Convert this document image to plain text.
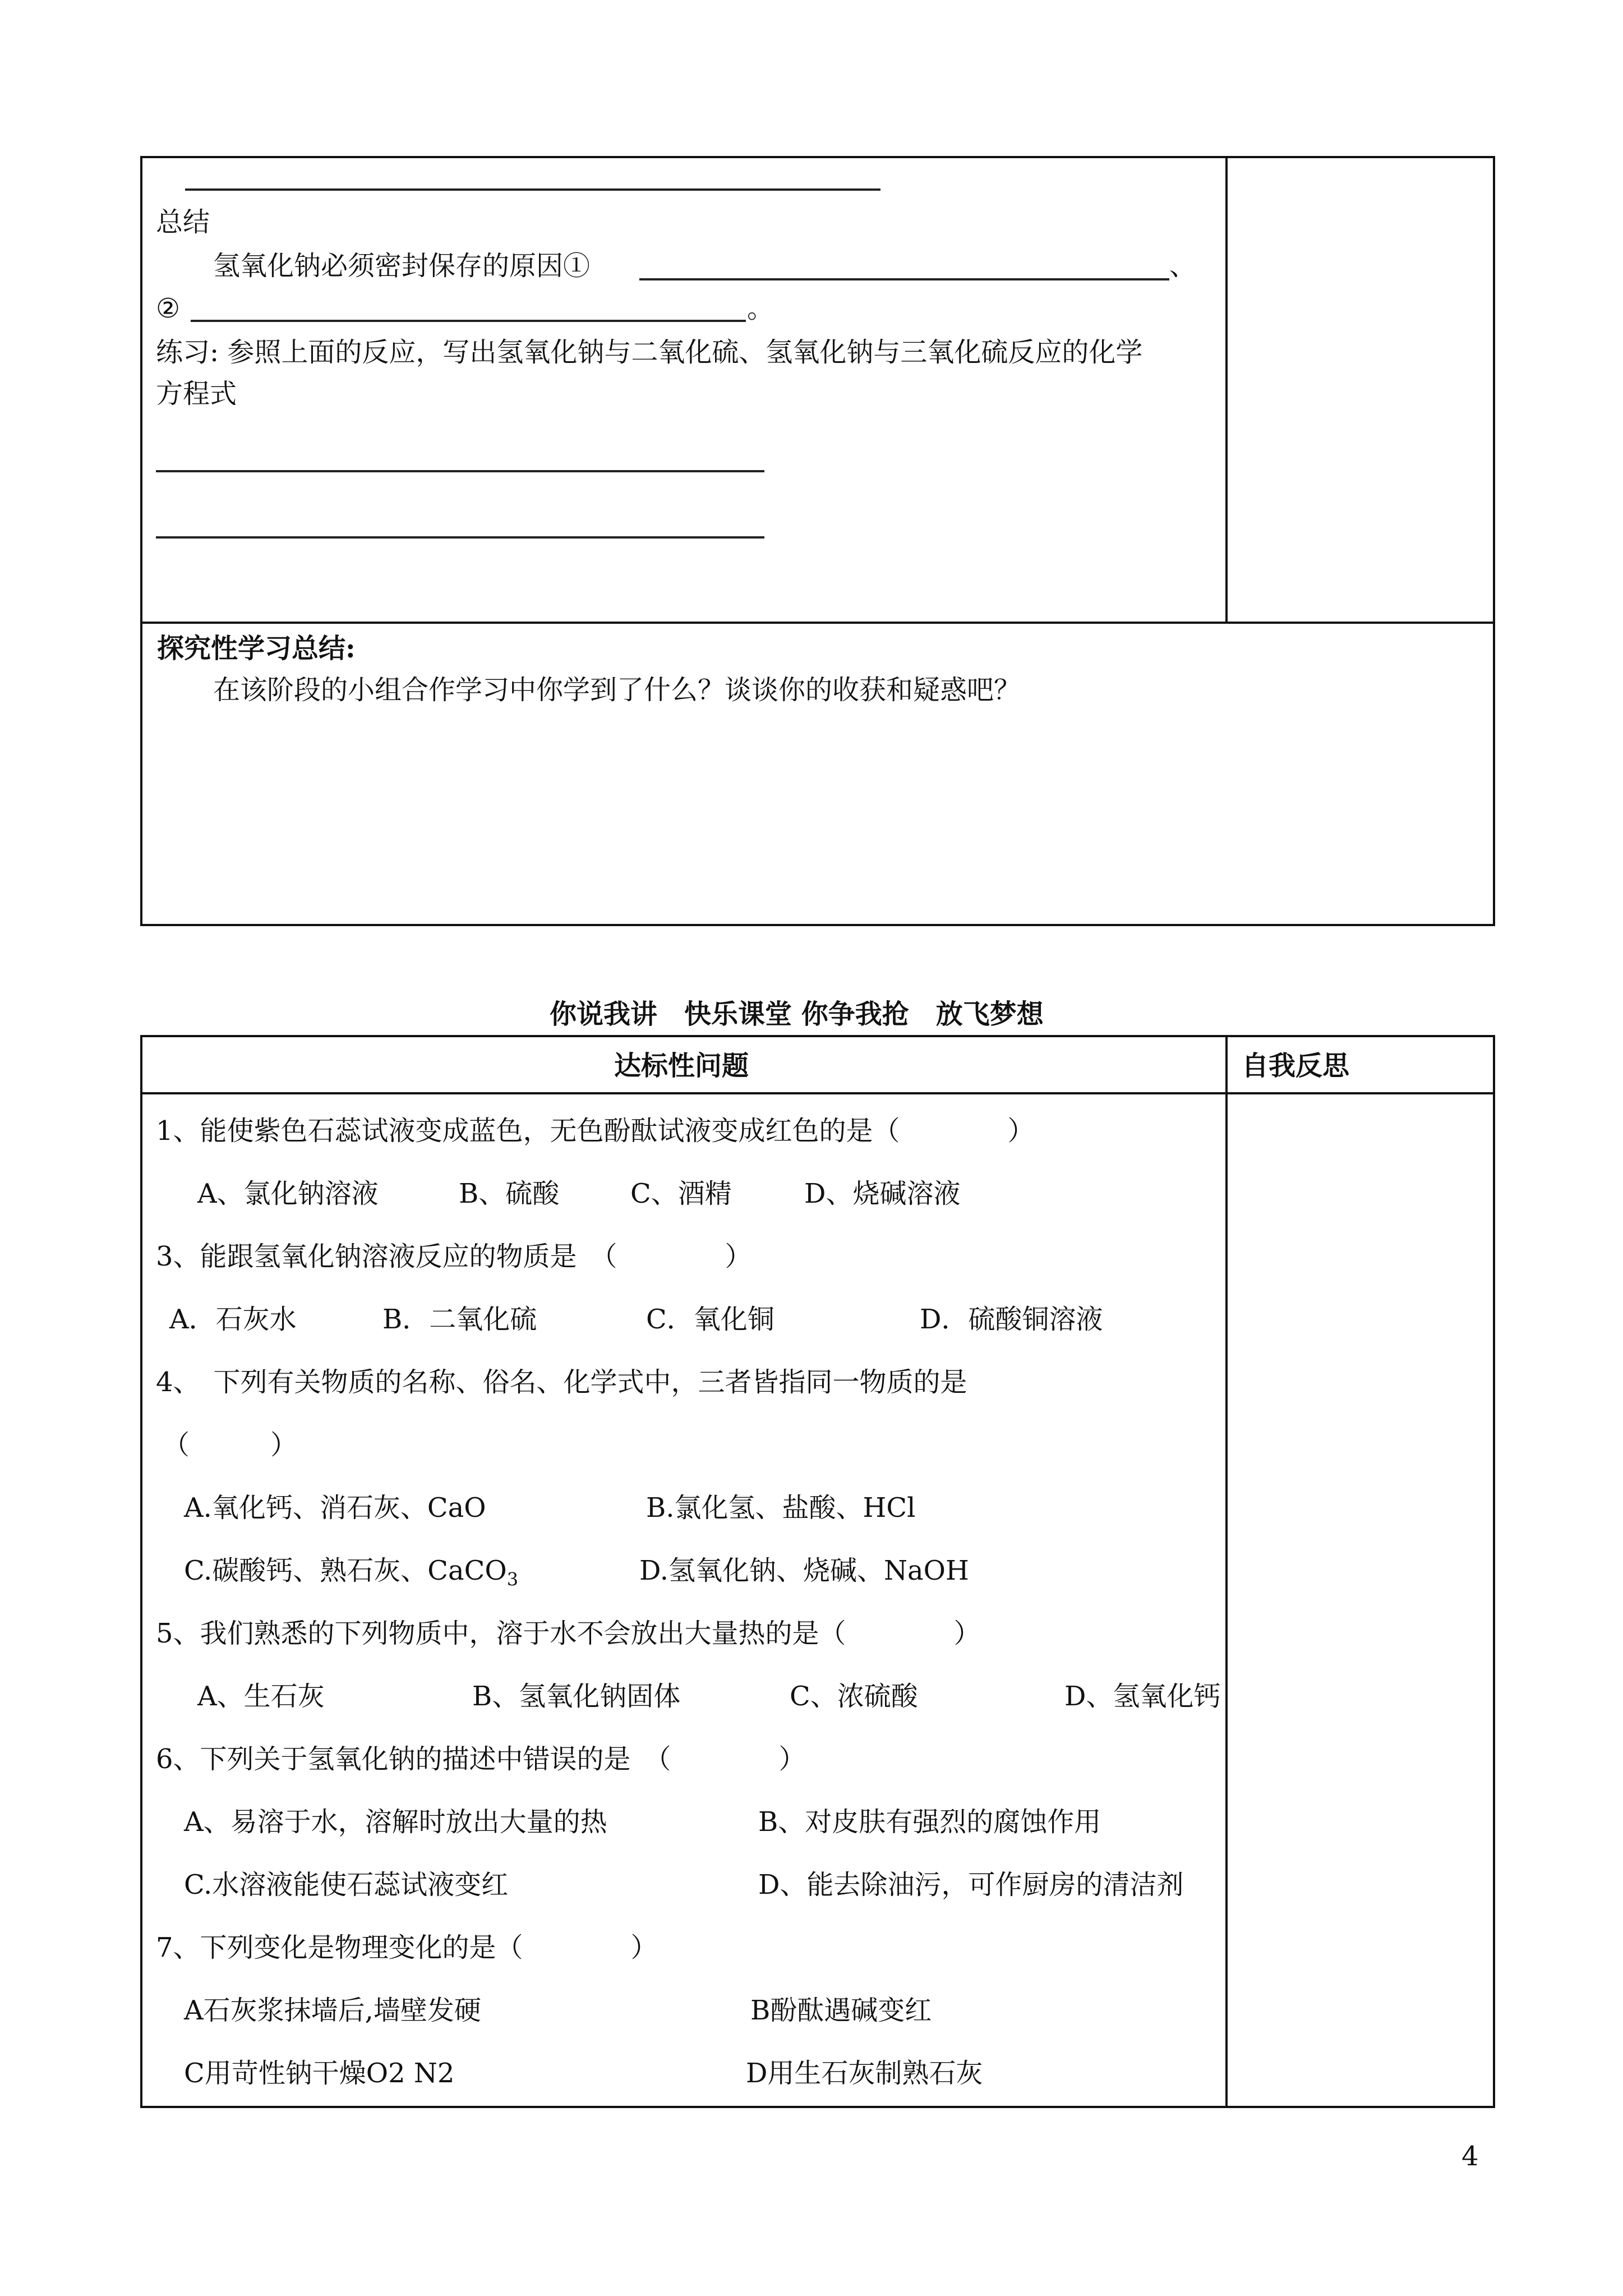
总结
氢氧化钠必须密封保存的原因①	、
②	。
练习: 参照上面的反应，写出氢氧化钠与二氧化硫、氢氧化钠与三氧化硫反应的化学
方程式
探究性学习总结:
在该阶段的小组合作学习中你学到了什么？谈谈你的收获和疑惑吧？
你说我讲　快乐课堂 你争我抢　放飞梦想
达标性问题	自我反思
1、能使紫色石蕊试液变成蓝色，无色酚酞试液变成红色的是（　　　　）
A、氯化钠溶液	B、硫酸	C、酒精	D、烧碱溶液
3、能跟氢氧化钠溶液反应的物质是　（　　　　）
A．石灰水	B．二氧化硫	C．氧化铜	D．硫酸铜溶液
4、　下列有关物质的名称、俗名、化学式中，三者皆指同一物质的是
（　　　）
A.氧化钙、消石灰、CaO	B.氯化氢、盐酸、HCl
C.碳酸钙、熟石灰、CaCO$_3$	D.氢氧化钠、烧碱、NaOH
5、我们熟悉的下列物质中，溶于水不会放出大量热的是（　　　　）
A、生石灰	B、氢氧化钠固体	C、浓硫酸	D、氢氧化钙
6、下列关于氢氧化钠的描述中错误的是　（　　　　）
A、易溶于水，溶解时放出大量的热	B、对皮肤有强烈的腐蚀作用
C.水溶液能使石蕊试液变红	D、能去除油污，可作厨房的清洁剂
7、下列变化是物理变化的是（　　　　）
A石灰浆抹墙后,墙壁发硬	B酚酞遇碱变红
C用苛性钠干燥O2 N2	D用生石灰制熟石灰
4
